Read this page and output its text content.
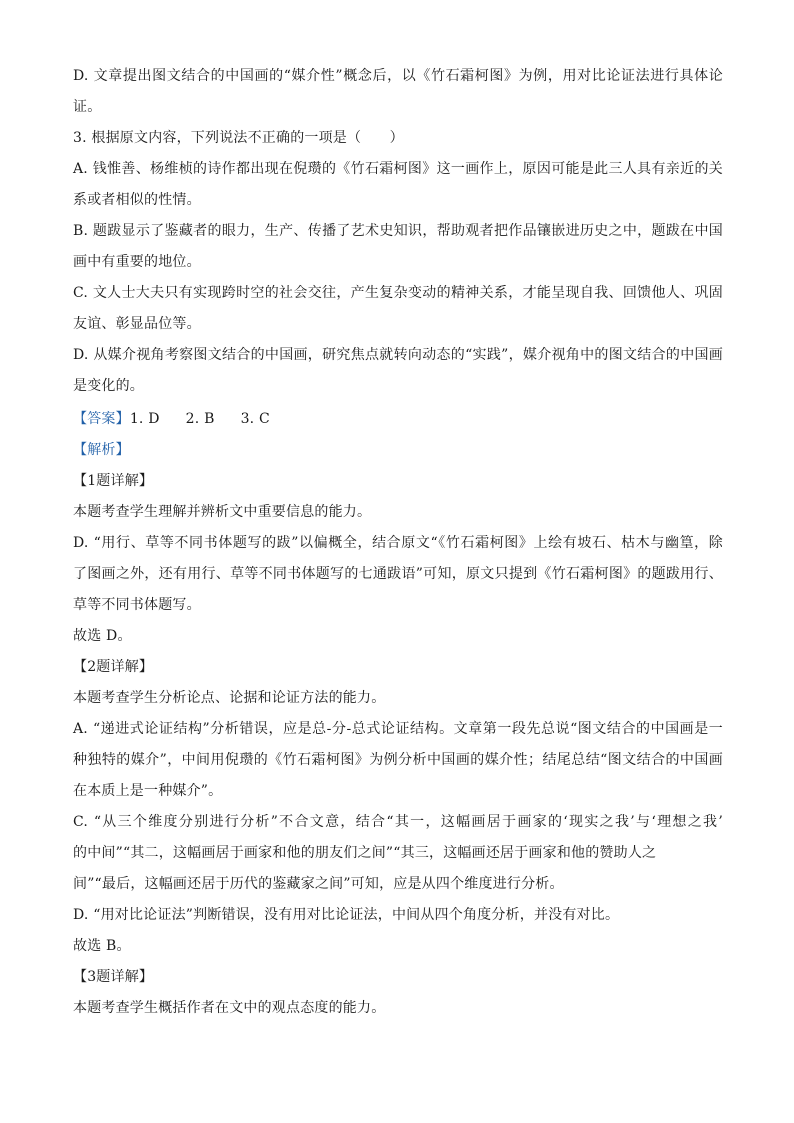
D. 文章提出图文结合的中国画的“媒介性”概念后，以《竹石霜柯图》为例，用对比论证法进行具体论
证。
3. 根据原文内容，下列说法不正确的一项是（　　）
A. 钱惟善、杨维桢的诗作都出现在倪瓒的《竹石霜柯图》这一画作上，原因可能是此三人具有亲近的关
系或者相似的性情。
B. 题跋显示了鉴藏者的眼力，生产、传播了艺术史知识，帮助观者把作品镶嵌进历史之中，题跋在中国
画中有重要的地位。
C. 文人士大夫只有实现跨时空的社会交往，产生复杂变动的精神关系，才能呈现自我、回馈他人、巩固
友谊、彰显品位等。
D. 从媒介视角考察图文结合的中国画，研究焦点就转向动态的“实践”，媒介视角中的图文结合的中国画
是变化的。
【答案】1. D 2. B 3. C
【解析】
【1题详解】
本题考查学生理解并辨析文中重要信息的能力。
D. “用行、草等不同书体题写的跋”以偏概全，结合原文“《竹石霜柯图》上绘有坡石、枯木与幽篁，除
了图画之外，还有用行、草等不同书体题写的七通跋语”可知，原文只提到《竹石霜柯图》的题跋用行、
草等不同书体题写。
故选 D。
【2题详解】
本题考查学生分析论点、论据和论证方法的能力。
A. “递进式论证结构”分析错误，应是总-分-总式论证结构。文章第一段先总说“图文结合的中国画是一
种独特的媒介”，中间用倪瓒的《竹石霜柯图》为例分析中国画的媒介性；结尾总结“图文结合的中国画
在本质上是一种媒介”。
C. “从三个维度分别进行分析”不合文意，结合“其一，这幅画居于画家的‘现实之我’与‘理想之我’
的中间”“其二，这幅画居于画家和他的朋友们之间”“其三，这幅画还居于画家和他的赞助人之
间”“最后，这幅画还居于历代的鉴藏家之间”可知，应是从四个维度进行分析。
D. “用对比论证法”判断错误，没有用对比论证法，中间从四个角度分析，并没有对比。
故选 B。
【3题详解】
本题考查学生概括作者在文中的观点态度的能力。
